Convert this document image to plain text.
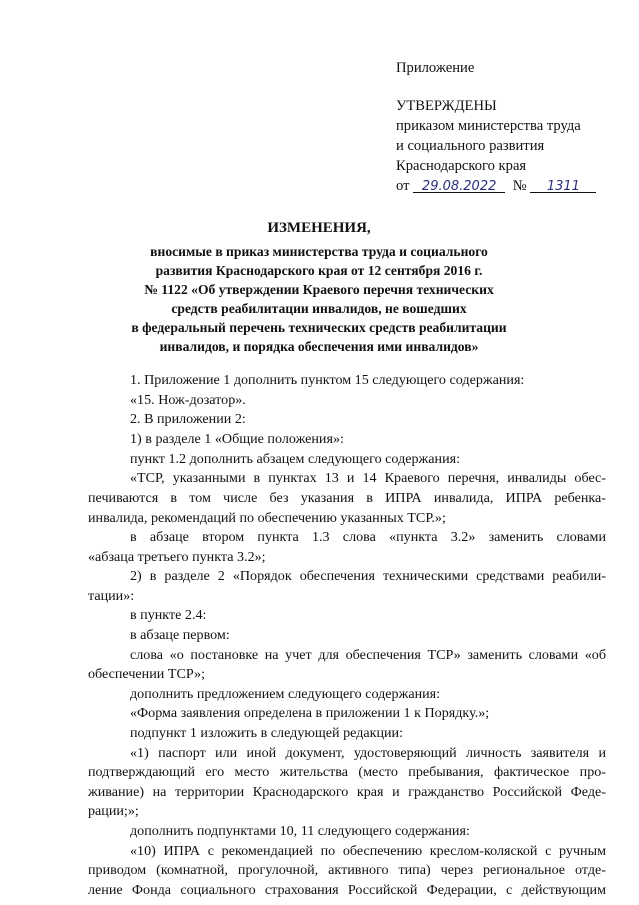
Приложение
УТВЕРЖДЕНЫ
приказом министерства труда
и социального развития
Краснодарского края
от 29.08.2022 № 1311
ИЗМЕНЕНИЯ,
вносимые в приказ министерства труда и социального
развития Краснодарского края от 12 сентября 2016 г.
№ 1122 «Об утверждении Краевого перечня технических
средств реабилитации инвалидов, не вошедших
в федеральный перечень технических средств реабилитации
инвалидов, и порядка обеспечения ими инвалидов»
1. Приложение 1 дополнить пунктом 15 следующего содержания:
«15. Нож-дозатор».
2. В приложении 2:
1) в разделе 1 «Общие положения»:
пункт 1.2 дополнить абзацем следующего содержания:
«ТСР, указанными в пунктах 13 и 14 Краевого перечня, инвалиды обес-
печиваются в том числе без указания в ИПРА инвалида, ИПРА ребенка-
инвалида, рекомендаций по обеспечению указанных ТСР.»;
в абзаце втором пункта 1.3 слова «пункта 3.2» заменить словами
«абзаца третьего пункта 3.2»;
2) в разделе 2 «Порядок обеспечения техническими средствами реабили-
тации»:
в пункте 2.4:
в абзаце первом:
слова «о постановке на учет для обеспечения ТСР» заменить словами «об
обеспечении ТСР»;
дополнить предложением следующего содержания:
«Форма заявления определена в приложении 1 к Порядку.»;
подпункт 1 изложить в следующей редакции:
«1) паспорт или иной документ, удостоверяющий личность заявителя и
подтверждающий его место жительства (место пребывания, фактическое про-
живание) на территории Краснодарского края и гражданство Российской Феде-
рации;»;
дополнить подпунктами 10, 11 следующего содержания:
«10) ИПРА с рекомендацией по обеспечению креслом-коляской с ручным
приводом (комнатной, прогулочной, активного типа) через региональное отде-
ление Фонда социального страхования Российской Федерации, с действующим
